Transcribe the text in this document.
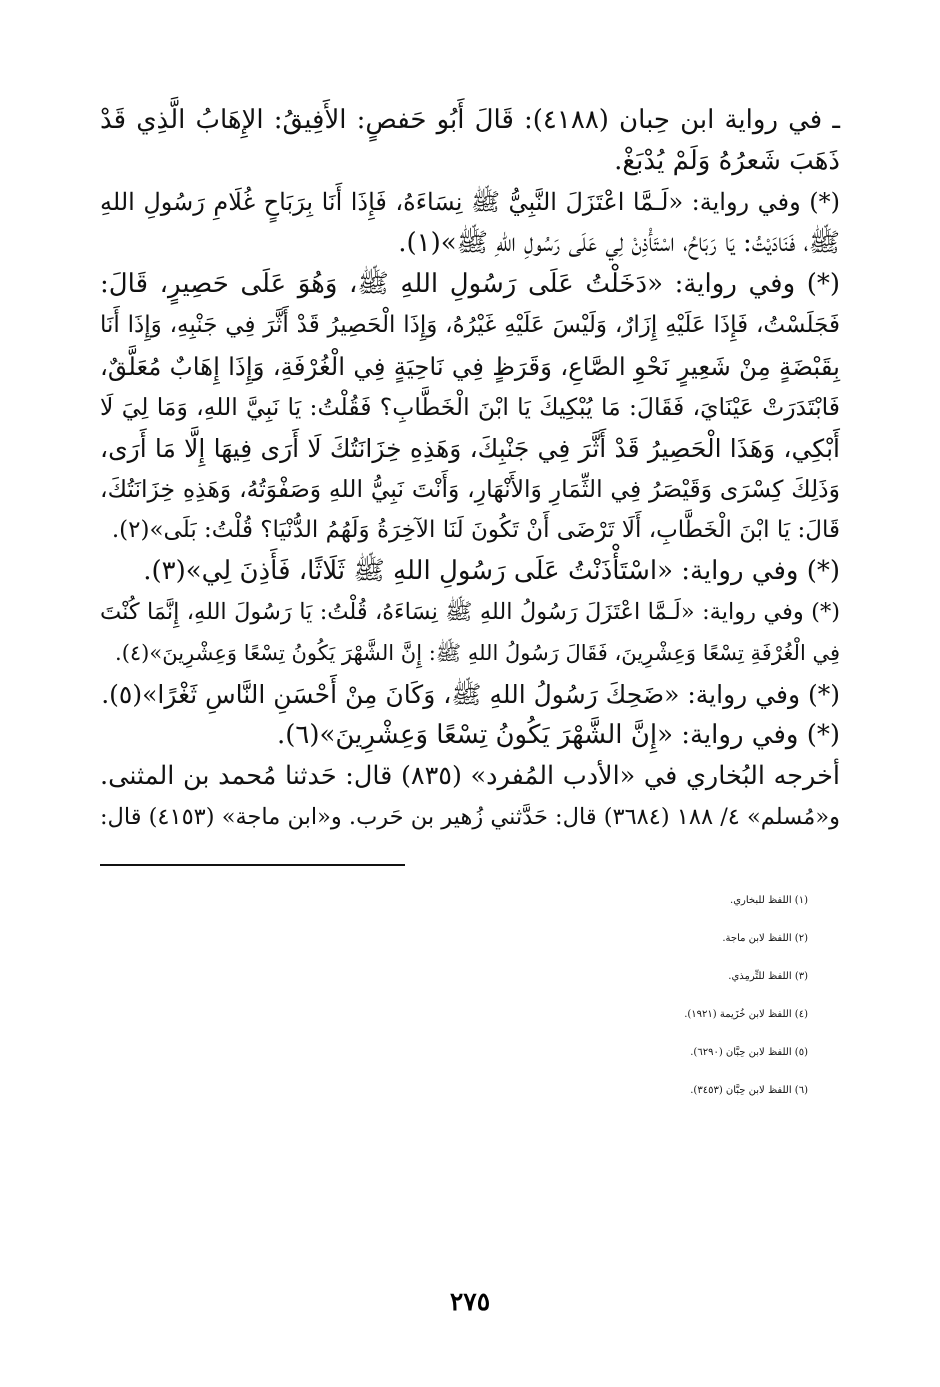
ـ في رواية ابن حِبان (٤١٨٨): قَالَ أَبُو حَفصٍ: الأَفِيقُ: الإِهَابُ الَّذِي قَدْ
ذَهَبَ شَعرُهُ وَلَمْ يُدْبَغْ.
(*) وفي رواية: «لَـمَّا اعْتَزَلَ النَّبِيُّ ﷺ نِسَاءَهُ، فَإِذَا أَنَا بِرَبَاحٍ غُلَامِ رَسُولِ اللهِ
ﷺ، فَنَادَيْتُ: يَا رَبَاحُ، اسْتَأْذِنْ لِي عَلَى رَسُولِ اللهِ ﷺ»(١).
(*) وفي رواية: «دَخَلْتُ عَلَى رَسُولِ اللهِ ﷺ، وَهُوَ عَلَى حَصِيرٍ، قَالَ:
فَجَلَسْتُ، فَإِذَا عَلَيْهِ إِزَارٌ، وَلَيْسَ عَلَيْهِ غَيْرُهُ، وَإِذَا الْحَصِيرُ قَدْ أَثَّرَ فِي جَنْبِهِ، وَإِذَا أَنَا
بِقَبْضَةٍ مِنْ شَعِيرٍ نَحْوِ الصَّاعِ، وَقَرَظٍ فِي نَاحِيَةٍ فِي الْغُرْفَةِ، وَإِذَا إِهَابٌ مُعَلَّقٌ،
فَابْتَدَرَتْ عَيْنَايَ، فَقَالَ: مَا يُبْكِيكَ يَا ابْنَ الْخَطَّابِ؟ فَقُلْتُ: يَا نَبِيَّ اللهِ، وَمَا لِيَ لَا
أَبْكِي، وَهَذَا الْحَصِيرُ قَدْ أَثَّرَ فِي جَنْبِكَ، وَهَذِهِ خِزَانَتُكَ لَا أَرَى فِيهَا إِلَّا مَا أَرَى،
وَذَلِكَ كِسْرَى وَقَيْصَرُ فِي الثِّمَارِ وَالأَنْهَارِ، وَأَنْتَ نَبِيُّ اللهِ وَصَفْوَتُهُ، وَهَذِهِ خِزَانَتُكَ،
قَالَ: يَا ابْنَ الْخَطَّابِ، أَلَا تَرْضَى أَنْ تَكُونَ لَنَا الآخِرَةُ وَلَهُمُ الدُّنْيَا؟ قُلْتُ: بَلَى»(٢).
(*) وفي رواية: «اسْتَأْذَنْتُ عَلَى رَسُولِ اللهِ ﷺ ثَلَاثًا، فَأَذِنَ لِي»(٣).
(*) وفي رواية: «لَـمَّا اعْتَزَلَ رَسُولُ اللهِ ﷺ نِسَاءَهُ، قُلْتُ: يَا رَسُولَ اللهِ، إِنَّمَا كُنْتَ
فِي الْغُرْفَةِ تِسْعًا وَعِشْرِينَ، فَقَالَ رَسُولُ اللهِ ﷺ: إِنَّ الشَّهْرَ يَكُونُ تِسْعًا وَعِشْرِينَ»(٤).
(*) وفي رواية: «ضَحِكَ رَسُولُ اللهِ ﷺ، وَكَانَ مِنْ أَحْسَنِ النَّاسِ ثَغْرًا»(٥).
(*) وفي رواية: «إِنَّ الشَّهْرَ يَكُونُ تِسْعًا وَعِشْرِينَ»(٦).
أخرجه البُخاري في «الأدب المُفرد» (٨٣٥) قال: حَدثنا مُحمد بن المثنى.
و«مُسلم» ٤/ ١٨٨ (٣٦٨٤) قال: حَدَّثني زُهير بن حَرب. و«ابن ماجة» (٤١٥٣) قال:
(١) اللفظ للبخاري.
(٢) اللفظ لابن ماجة.
(٣) اللفظ للتِّرمِذي.
(٤) اللفظ لابن خُزَيمة (١٩٢١).
(٥) اللفظ لابن حِبَّان (٦٢٩٠).
(٦) اللفظ لابن حِبَّان (٣٤٥٣).
٢٧٥
